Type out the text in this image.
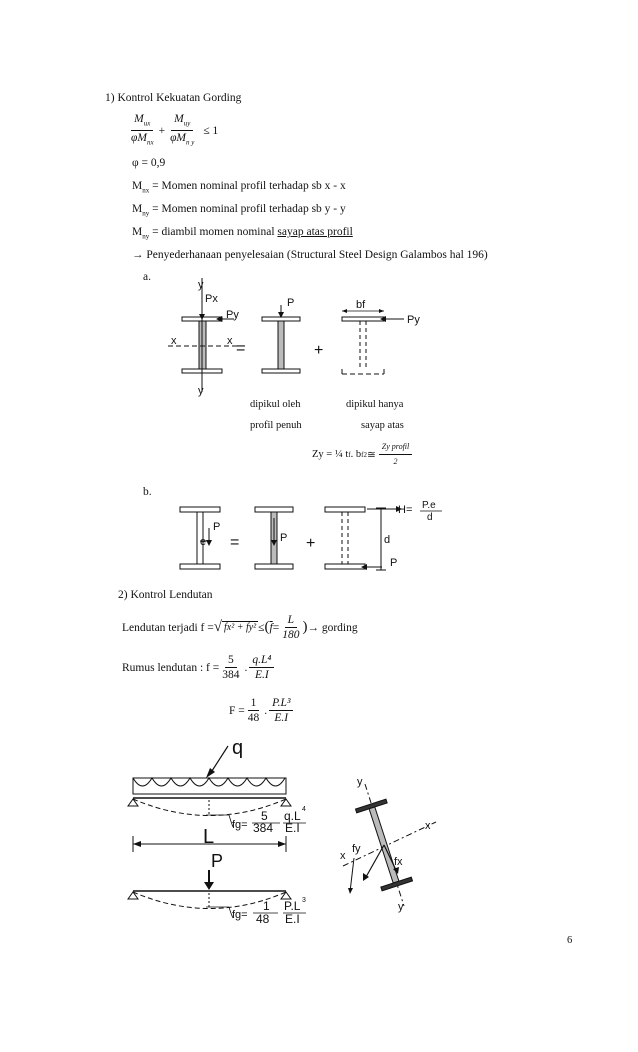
1) Kontrol Kekuatan Gording
$\frac{M_{ux}}{\varphi M_{nx}} + \frac{M_{uy}}{\varphi M_{n y}} \le 1$
φ = 0,9
$M_{nx}$ = Momen nominal profil terhadap sb x - x
$M_{ny}$ = Momen nominal profil terhadap sb y - y
$M_{ny}$ = diambil momen nominal sayap atas profil
→ Penyederhanaan penyelesaian (Structural Steel Design Galambos hal 196)
a.
y
Px
Py
x	x
y
=
P
+
bf
Py
dipikul oleh
profil penuh
dipikul hanya
sayap atas
Zy = ¼ t f . b f 2 ≅ $\frac{\text{Zy profil}}{2}$
b.
P
e =	P +
H= P.e
d
d
P
2) Kontrol Lendutan
Lendutan terjadi f = √ fx² + fy² ≤ ( $\overline{f} = \frac{L}{180}$ ) → gording
Rumus lendutan : $f = \frac{5}{384}$ . $\frac{\text{q.L⁴}}{E.I}$
$F = \frac{1}{48}$ . $\frac{\text{P.L³}}{E.I}$
q
fg=
5
384
q.L 4
E.I
L
P
fg=
1
48
P.L 3
E.I
y
y
x
x	fx
fy
6
